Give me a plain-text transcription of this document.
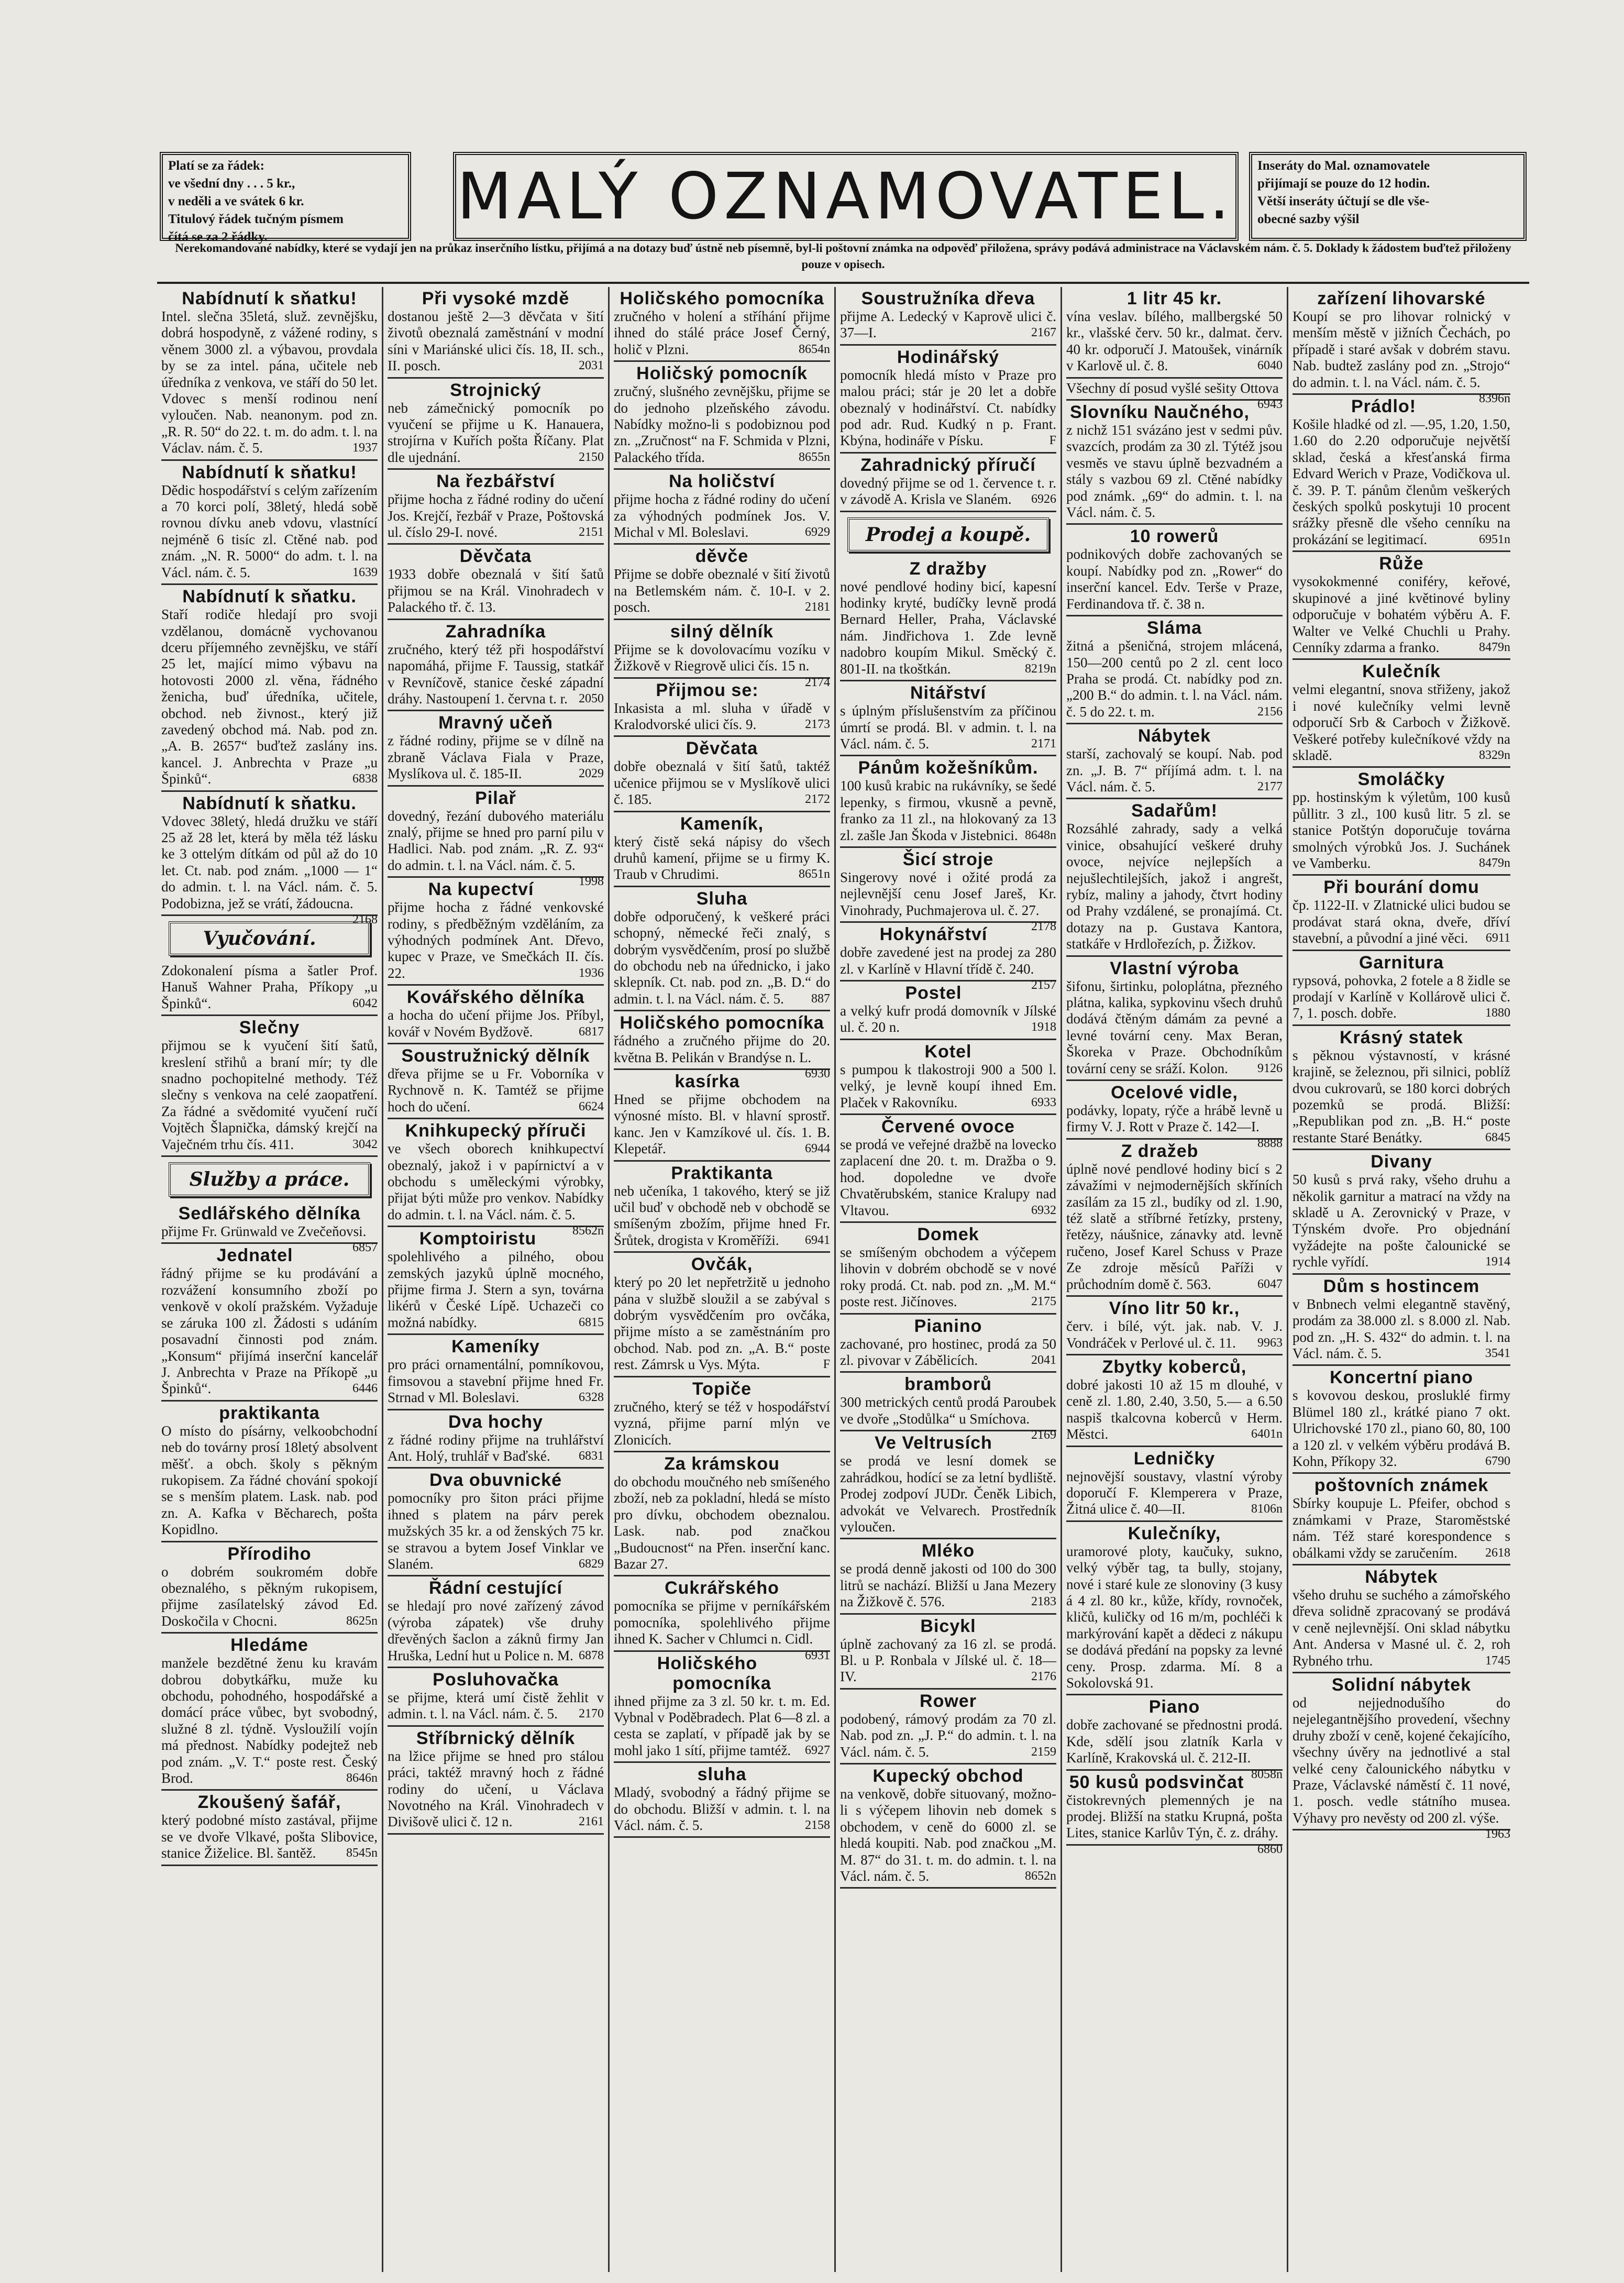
Platí se za řádek:
ve všední dny . . . 5 kr.,
v neděli a ve svátek 6 kr.
Titulový řádek tučným písmem
čítá se za 2 řádky.
MALÝ OZNAMOVATEL. Inseráty do Mal. oznamovatele
přijímají se pouze do 12 hodin.
Větší inseráty účtují se dle vše-
obecné sazby výšil
Nerekomandované nabídky, které se vydají jen na průkaz inserčního lístku, přijímá a na dotazy buď ústně neb písemně, byl-li poštovní známka na odpověď přiložena, správy podává administrace na Václavském nám. č. 5. Doklady k žádostem buďtež přiloženy pouze v opisech.
Nabídnutí k sňatku!

Intel. slečna 35letá, služ. zevnějšku, dobrá hospodyně, z vážené rodiny, s věnem 3000 zl. a výbavou, provdala by se za intel. pána, učitele neb úředníka z venkova, ve stáří do 50 let. Vdovec s menší rodinou není vyloučen. Nab. neanonym. pod zn. „R. R. 50“ do 22. t. m. do adm. t. l. na Václav. nám. č. 5.	1937

Nabídnutí k sňatku!

Dědic hospodářství s celým zařízením a 70 korci polí, 38letý, hledá sobě rovnou dívku aneb vdovu, vlastnící nejméně 6 tisíc zl. Ctěné nab. pod znám. „N. R. 5000“ do adm. t. l. na Václ. nám. č. 5.	1639

Nabídnutí k sňatku.

Staří rodiče hledají pro svoji vzdělanou, domácně vychovanou dceru příjemného zevnějšku, ve stáří 25 let, mající mimo výbavu na hotovosti 2000 zl. věna, řádného ženicha, buď úředníka, učitele, obchod. neb živnost., který již zavedený obchod má. Nab. pod zn. „A. B. 2657“ buďtež zaslány ins. kancel. J. Anbrechta v Praze „u Špinků“.	6838

Nabídnutí k sňatku.

Vdovec 38letý, hledá družku ve stáří 25 až 28 let, která by měla též lásku ke 3 ottelým dítkám od půl až do 10 let. Ct. nab. pod znám. „1000 — 1“ do admin. t. l. na Václ. nám. č. 5. Podobizna, jež se vrátí, žádoucna.
2168

Vyučování.

Zdokonalení písma a šatler Prof. Hanuš Wahner Praha, Příkopy „u Špinků“.	6042

Slečny

přijmou se k vyučení šití šatů, kreslení střihů a braní mír; ty dle snadno pochopitelné methody. Též slečny s venkova na celé zaopatření. Za řádné a svědomité vyučení ručí Vojtěch Šlapnička, dámský krejčí na Vaječném trhu čís. 411.	3042

Služby a práce.
Sedlářského dělníka

přijme Fr. Grünwald ve Zvečeňovsi.
6857

Jednatel

řádný přijme se ku prodávání a rozvážení konsumního zboží po venkově v okolí pražském. Vyžaduje se záruka 100 zl. Žádosti s udáním posavadní činnosti pod znám. „Konsum“ přijímá inserční kancelář J. Anbrechta v Praze na Příkopě „u Špinků“.	6446

praktikanta

O místo do písárny, velkoobchodní neb do továrny prosí 18letý absolvent měšť. a obch. školy s pěkným rukopisem. Za řádné chování spokojí se s menším platem. Lask. nab. pod zn. A. Kafka v Běcharech, pošta Kopidlno.

Přírodiho

o dobrém soukromém dobře obeznalého, s pěkným rukopisem, přijme zasílatelský závod Ed. Doskočila v Chocni.	8625n

Hledáme

manžele bezdětné ženu ku kravám dobrou dobytkářku, muže ku obchodu, pohodného, hospodářské a domácí práce vůbec, byt svobodný, služné 8 zl. týdně. Vysloužilí vojín má přednost. Nabídky podejtež neb pod znám. „V. T.“ poste rest. Český Brod.	8646n

Zkoušený šafář,

který podobné místo zastával, přijme se ve dvoře Vlkavé, pošta Slibovice, stanice Žiželice. Bl. šantěž. 8545n

Při vysoké mzdě

dostanou ještě 2—3 děvčata v šití životů obeznalá zaměstnání v modní síni v Mariánské ulici čís. 18, II. sch., II. posch.	2031

Strojnický

neb zámečnický pomocník po vyučení se přijme u K. Hanauera, strojírna v Kuřích pošta Říčany. Plat dle ujednání.	2150

Na řezbářství

přijme hocha z řádné rodiny do učení Jos. Krejčí, řezbář v Praze, Poštovská ul. číslo 29-I. nové.	2151

Děvčata

1933 dobře obeznalá v šití šatů přijmou se na Král. Vinohradech v Palackého tř. č. 13.

Zahradníka

zručného, který též při hospodářství napomáhá, přijme F. Taussig, statkář v Revníčově, stanice české západní dráhy. Nastoupení 1. června t. r. 2050

Mravný učeň

z řádné rodiny, přijme se v dílně na zbraně Václava Fiala v Praze, Myslíkova ul. č. 185-II.	2029

Pilař

dovedný, řezání dubového materiálu znalý, přijme se hned pro parní pilu v Hadlici. Nab. pod znám. „R. Z. 93“ do admin. t. l. na Václ. nám. č. 5.
1998

Na kupectví

přijme hocha z řádné venkovské rodiny, s předběžným vzděláním, za výhodných podmínek Ant. Dřevo, kupec v Praze, ve Smečkách II. čís. 22.	1936

Kovářského dělníka

a hocha do učení přijme Jos. Příbyl, kovář v Novém Bydžově.	6817

Soustružnický dělník

dřeva přijme se u Fr. Voborníka v Rychnově n. K. Tamtéž se přijme hoch do učení.	6624

Knihkupecký příruči

ve všech oborech knihkupectví obeznalý, jakož i v papírnictví a v obchodu s uměleckými výrobky, přijat býti může pro venkov. Nabídky do admin. t. l. na Václ. nám. č. 5.
8562n

Komptoiristu

spolehlivého a pilného, obou zemských jazyků úplně mocného, přijme firma J. Stern a syn, továrna likérů v České Lípě. Uchazeči co možná nabídky.	6815

Kameníky

pro práci ornamentální, pomníkovou, fimsovou a stavební přijme hned Fr. Strnad v Ml. Boleslavi.	6328

Dva hochy

z řádné rodiny přijme na truhlářství Ant. Holý, truhlář v Baďské. 6831

Dva obuvnické

pomocníky pro šiton práci přijme ihned s platem na párv perek mužských 35 kr. a od ženských 75 kr. se stravou a bytem Josef Vinklar ve Slaném.	6829

Řádní cestující

se hledají pro nové zařízený závod (výroba zápatek) vše druhy dřevěných šaclon a záknů firmy Jan Hruška, Lední hut u Police n. M. 6878

Posluhovačka

se přijme, která umí čistě žehlit v admin. t. l. na Václ. nám. č. 5. 2170

Stříbrnický dělník

na lžice přijme se hned pro stálou práci, taktéž mravný hoch z řádné rodiny do učení, u Václava Novotného na Král. Vinohradech v Divišově ulici č. 12 n.	2161

Holičského pomocníka

zručného v holení a stříhání přijme ihned do stálé práce Josef Černý, holič v Plzni.	8654n

Holičský pomocník

zručný, slušného zevnějšku, přijme se do jednoho plzeňského závodu. Nabídky možno-li s podobiznou pod zn. „Zručnost“ na F. Schmida v Plzni, Palackého třída.	8655n

Na holičství

přijme hocha z řádné rodiny do učení za výhodných podmínek Jos. V. Michal v Ml. Boleslavi.	6929

děvče

Přijme se dobře obeznalé v šití životů na Betlemském nám. č. 10-I. v 2. posch.	2181

silný dělník

Přijme se k dovolovacímu vozíku v Žižkově v Riegrově ulici čís. 15 n.
2174

Přijmou se:

Inkasista a ml. sluha v úřadě v Kralodvorské ulici čís. 9.	2173

Děvčata

dobře obeznalá v šití šatů, taktéž učenice přijmou se v Myslíkově ulici č. 185.	2172

Kameník,

který čistě seká nápisy do všech druhů kamení, přijme se u firmy K. Traub v Chrudimi.	8651n

Sluha

dobře odporučený, k veškeré práci schopný, německé řeči znalý, s dobrým vysvědčením, prosí po službě do obchodu neb na úřednicko, i jako sklepník. Ct. nab. pod zn. „B. D.“ do admin. t. l. na Václ. nám. č. 5. 887

Holičského pomocníka

řádného a zručného přijme do 20. května B. Pelikán v Brandýse n. L.
6930

kasírka

Hned se přijme obchodem na výnosné místo. Bl. v hlavní sprostř. kanc. Jen v Kamzíkové ul. čís. 1. B. Klepetář.	6944

Praktikanta

neb učeníka, 1 takového, který se již učil buď v obchodě neb v obchodě se smíšeným zbožím, přijme hned Fr. Šrůtek, drogista v Kroměříži. 6941

Ovčák,

který po 20 let nepřetržitě u jednoho pána v službě sloužil a se zabýval s dobrým vysvědčením pro ovčáka, přijme místo a se zaměstnáním pro obchod. Nab. pod zn. „A. B.“ poste rest. Zámrsk u Vys. Mýta.	F

Topiče

zručného, který se též v hospodářství vyzná, přijme parní mlýn ve Zlonicích.

Za krámskou

do obchodu moučného neb smíšeného zboží, neb za pokladní, hledá se místo pro dívku, obchodem obeznalou. Lask. nab. pod značkou „Budoucnost“ na Přen. inserční kanc. Bazar 27.

Cukrářského

pomocníka se přijme v perníkářském pomocníka, spolehlivého přijme ihned K. Sacher v Chlumci n. Cidl.
6931

Holičského pomocníka

ihned přijme za 3 zl. 50 kr. t. m. Ed. Vybnal v Poděbradech. Plat 6—8 zl. a cesta se zaplatí, v případě jak by se mohl jako 1 sítí, přijme tamtéž. 6927

sluha

Mladý, svobodný a řádný přijme se do obchodu. Bližší v admin. t. l. na Václ. nám. č. 5.	2158

Soustružníka dřeva

přijme A. Ledecký v Kaprově ulici č. 37—I.	2167

Hodinářský

pomocník hledá místo v Praze pro malou práci; stár je 20 let a dobře obeznalý v hodinářství. Ct. nabídky pod adr. Rud. Kudký n p. Frant. Kbýna, hodináře v Písku.	F

Zahradnický příručí

dovedný přijme se od 1. července t. r. v závodě A. Krisla ve Slaném. 6926

Prodej a koupě.
Z dražby

nové pendlové hodiny bicí, kapesní hodinky kryté, budíčky levně prodá Bernard Heller, Praha, Václavské nám. Jindřichova 1. Zde levně nadobro koupím Mikul. Směcký č. 801-II. na tkoštkán.	8219n

Nitářství

s úplným příslušenstvím za příčinou úmrtí se prodá. Bl. v admin. t. l. na Václ. nám. č. 5.	2171

Pánům kožešníkům.

100 kusů krabic na rukávníky, se šedé lepenky, s firmou, vkusně a pevně, franko za 11 zl., na hlokovaný za 13 zl. zašle Jan Škoda v Jistebnici. 8648n

Šicí stroje

Singerovy nové i ožité prodá za nejlevnější cenu Josef Jareš, Kr. Vinohrady, Puchmajerova ul. č. 27.
2178

Hokynářství

dobře zavedené jest na prodej za 280 zl. v Karlíně v Hlavní třídě č. 240.
2157

Postel

a velký kufr prodá domovník v Jílské ul. č. 20 n.	1918

Kotel

s pumpou k tlakostroji 900 a 500 l. velký, je levně koupí ihned Em. Plaček v Rakovníku.	6933

Červené ovoce

se prodá ve veřejné dražbě na lovecko zaplacení dne 20. t. m. Dražba o 9. hod. dopoledne ve dvoře Chvatěrubském, stanice Kralupy nad Vltavou.	6932

Domek

se smíšeným obchodem a výčepem lihovin v dobrém obchodě se v nové roky prodá. Ct. nab. pod zn. „M. M.“ poste rest. Jičínoves.	2175

Pianino

zachované, pro hostinec, prodá za 50 zl. pivovar v Zábělicích.	2041

bramborů

300 metrických centů prodá Paroubek ve dvoře „Stodůlka“ u Smíchova.
2169

Ve Veltrusích

se prodá ve lesní domek se zahrádkou, hodící se za letní bydliště. Prodej zodpoví JUDr. Čeněk Libich, advokát ve Velvarech. Prostředník vyloučen.

Mléko

se prodá denně jakosti od 100 do 300 litrů se nachází. Bližší u Jana Mezery na Žižkově č. 576.	2183

Bicykl

úplně zachovaný za 16 zl. se prodá. Bl. u P. Ronbala v Jílské ul. č. 18—IV.	2176

Rower

podobený, rámový prodám za 70 zl. Nab. pod zn. „J. P.“ do admin. t. l. na Václ. nám. č. 5.	2159

Kupecký obchod

na venkově, dobře situovaný, možno-li s výčepem lihovin neb domek s obchodem, v ceně do 6000 zl. se hledá koupiti. Nab. pod značkou „M. M. 87“ do 31. t. m. do admin. t. l. na Václ. nám. č. 5.	8652n

1 litr 45 kr.

vína veslav. bílého, mallbergské 50 kr., vlašské červ. 50 kr., dalmat. červ. 40 kr. odporučí J. Matoušek, vinárník v Karlově ul. č. 8.	6040

Všechny dí posud vyšlé sešity Ottova
6943

Slovníku Naučného,

z nichž 151 svázáno jest v sedmi pův. svazcích, prodám za 30 zl. Týtéž jsou vesměs ve stavu úplně bezvadném a stály s vazbou 69 zl. Ctěné nabídky pod známk. „69“ do admin. t. l. na Václ. nám. č. 5.

10 rowerů

podnikových dobře zachovaných se koupí. Nabídky pod zn. „Rower“ do inserční kancel. Edv. Terše v Praze, Ferdinandova tř. č. 38 n.

Sláma

žitná a pšeničná, strojem mlácená, 150—200 centů po 2 zl. cent loco Praha se prodá. Ct. nabídky pod zn. „200 B.“ do admin. t. l. na Václ. nám. č. 5 do 22. t. m.	2156

Nábytek

starší, zachovalý se koupí. Nab. pod zn. „J. B. 7“ příjímá adm. t. l. na Václ. nám. č. 5.	2177

Sadařům!

Rozsáhlé zahrady, sady a velká vinice, obsahující veškeré druhy ovoce, nejvíce nejlepších a nejušlechtilejších, jakož i angrešt, rybíz, maliny a jahody, čtvrt hodiny od Prahy vzdálené, se pronajímá. Ct. dotazy na p. Gustava Kantora, statkáře v Hrdlořezích, p. Žižkov.

Vlastní výroba

šifonu, širtinku, poloplátna, přezného plátna, kalika, sypkovinu všech druhů dodává čtěným dámám za pevné a levné tovární ceny. Max Beran, Škoreka v Praze. Obchodníkům tovární ceny se sráží. Kolon. 9126

Ocelové vidle,

podávky, lopaty, rýče a hrábě levně u firmy V. J. Rott v Praze č. 142—I.
8888

Z dražeb

úplně nové pendlové hodiny bicí s 2 závažími v nejmodernějších skříních zasílám za 15 zl., budíky od zl. 1.90, též slatě a stříbrné řetízky, prsteny, řetězy, náušnice, zánavky atd. levně ručeno, Josef Karel Schuss v Praze Ze zdroje měsíců Paříži v průchodním domě č. 563.	6047

Víno litr 50 kr.,

červ. i bílé, výt. jak. nab. V. J. Vondráček v Perlové ul. č. 11. 9963

Zbytky koberců,

dobré jakosti 10 až 15 m dlouhé, v ceně zl. 1.80, 2.40, 3.50, 5.— a 6.50 naspiš tkalcovna koberců v Herm. Městci.	6401n

Ledničky

nejnovější soustavy, vlastní výroby doporučí F. Klemperera v Praze, Žitná ulice č. 40—II.	8106n

Kulečníky,

uramorové ploty, kaučuky, sukno, velký výběr tag, ta bully, stojany, nové i staré kule ze slonoviny (3 kusy á 4 zl. 80 kr., kůže, křídy, rovnoček, kličů, kuličky od 16 m/m, pochléči k markýrování kapět a dědeci z nákupu se dodává předání na popsky za levné ceny. Prosp. zdarma. Mí. 8 a Sokolovská 91.

Piano

dobře zachované se přednostni prodá. Kde, sdělí jsou zlatník Karla v Karlíně, Krakovská ul. č. 212-II.
8058n

50 kusů podsvinčat

čistokrevných plemenných je na prodej. Bližší na statku Krupná, pošta Lites, stanice Karlův Týn, č. z. dráhy.
6860

zařízení lihovarské

Koupí se pro lihovar rolnický v menším městě v jižních Čechách, po případě i staré avšak v dobrém stavu. Nab. budtež zaslány pod zn. „Strojo“ do admin. t. l. na Václ. nám. č. 5.
8396n

Prádlo!

Košile hladké od zl. —.95, 1.20, 1.50, 1.60 do 2.20 odporučuje největší sklad, česká a křesťanská firma Edvard Werich v Praze, Vodičkova ul. č. 39. P. T. pánům členům veškerých českých spolků poskytuji 10 procent srážky přesně dle všeho cenníku na prokázání se legitimací.	6951n

Růže

vysokokmenné coniféry, keřové, skupinové a jiné květinové byliny odporučuje v bohatém výběru A. F. Walter ve Velké Chuchli u Prahy. Cenníky zdarma a franko.	8479n

Kulečník

velmi elegantní, snova střiženy, jakož i nové kulečníky velmi levně odporučí Srb & Carboch v Žižkově. Veškeré potřeby kulečníkové vždy na skladě.	8329n

Smoláčky

pp. hostinským k výletům, 100 kusů půllitr. 3 zl., 100 kusů litr. 5 zl. se stanice Potštýn doporučuje továrna smolných výrobků Jos. J. Suchánek ve Vamberku.	8479n

Při bourání domu

čp. 1122-II. v Zlatnické ulici budou se prodávat stará okna, dveře, dříví stavební, a původní a jiné věci. 6911

Garnitura

rypsová, pohovka, 2 fotele a 8 židle se prodají v Karlíně v Kollárově ulici č. 7, 1. posch. dobře.	1880

Krásný statek

s pěknou výstavností, v krásné krajině, se železnou, při silnici, poblíž dvou cukrovarů, se 180 korci dobrých pozemků se prodá. Bližší: „Republikan pod zn. „B. H.“ poste restante Staré Benátky.	6845

Divany

50 kusů s prvá raky, všeho druhu a několik garnitur a matrací na vždy na skladě u A. Zerovnický v Praze, v Týnském dvoře. Pro objednání vyžádejte na pošte čalounické se rychle vyřídí.	1914

Dům s hostincem

v Bnbnech velmi elegantně stavěný, prodám za 38.000 zl. s 8.000 zl. Nab. pod zn. „H. S. 432“ do admin. t. l. na Václ. nám. č. 5.	3541

Koncertní piano

s kovovou deskou, prosluklé firmy Blümel 180 zl., krátké piano 7 okt. Ulrichovské 170 zl., piano 60, 80, 100 a 120 zl. v velkém výběru prodává B. Kohn, Příkopy 32.	6790

poštovních známek

Sbírky koupuje L. Pfeifer, obchod s známkami v Praze, Staroměstské nám. Též staré korespondence s obálkami vždy se zaručením. 2618

Nábytek

všeho druhu se suchého a zámořského dřeva solidně zpracovaný se prodává v ceně nejlevnější. Oni sklad nábytku Ant. Andersa v Masné ul. č. 2, roh Rybného trhu.	1745

Solidní nábytek

od nejjednodušího do nejelegantnějšího provedení, všechny druhy zboží v ceně, kojené čekajícího, všechny úvěry na jednotlivé a stal velké ceny čalounického nábytku v Praze, Václavské náměstí č. 11 nové, 1. posch. vedle státního musea. Výhavy pro nevěsty od 200 zl. výše.
1963
